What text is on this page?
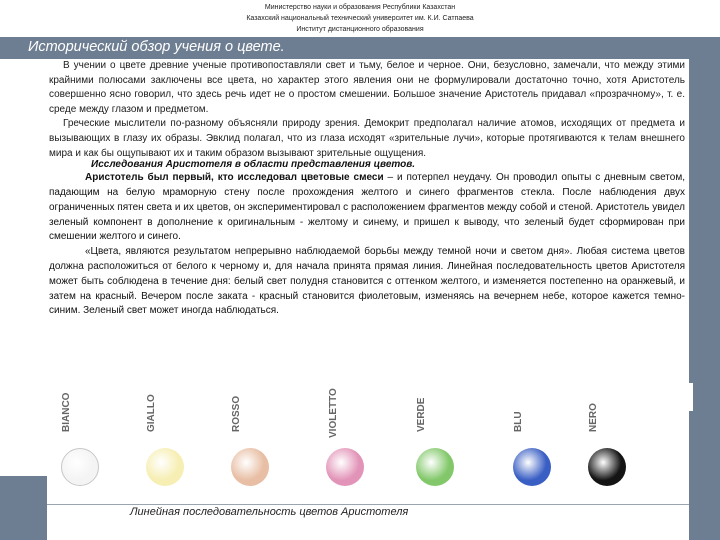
Министерство науки и образования Республики Казахстан
Казахский национальный технический университет им. К.И. Сатпаева
Институт дистанционного образования
Исторический обзор учения о цвете.

В учении о цвете древние ученые противопоставляли свет и тьму, белое и черное. Они, безусловно, замечали, что между этими крайними полюсами заключены все цвета, но характер этого явления они не формулировали достаточно точно, хотя Аристотель совершенно ясно говорил, что здесь речь идет не о простом смешении. Большое значение Аристотель придавал «прозрачному», т. е. среде между глазом и предметом.

Греческие мыслители по-разному объясняли природу зрения. Демокрит предполагал наличие атомов, исходящих от предмета и вызывающих в глазу их образы. Эвклид полагал, что из глаза исходят «зрительные лучи», которые протягиваются к телам внешнего мира и как бы ощупывают их и таким образом вызывают зрительные ощущения.

Исследования Аристотеля в области представления цветов.

Аристотель был первый, кто исследовал цветовые смеси – и потерпел неудачу. Он проводил опыты с дневным светом, падающим на белую мраморную стену после прохождения желтого и синего фрагментов стекла. После наблюдения двух ограниченных пятен света и их цветов, он экспериментировал с расположением фрагментов между собой и стеной. Аристотель увидел зеленый компонент в дополнение к оригинальным - желтому и синему, и пришел к выводу, что зеленый будет сформирован при смешении желтого и синего.

«Цвета, являются результатом непрерывно наблюдаемой борьбы между темной ночи и светом дня». Любая система цветов должна расположиться от белого к черному и, для начала принята прямая линия. Линейная последовательность цветов Аристотеля может быть соблюдена в течение дня: белый свет полудня становится с оттенком желтого, и изменяется постепенно на оранжевый, и затем на красный. Вечером после заката - красный становится фиолетовым, изменяясь на вечернем небе, которое кажется темно-синим. Зеленый свет может иногда наблюдаться.

BIANCO	GIALLO	ROSSO	VIOLETTO	VERDE	BLU	NERO
Линейная последовательность цветов Аристотеля
